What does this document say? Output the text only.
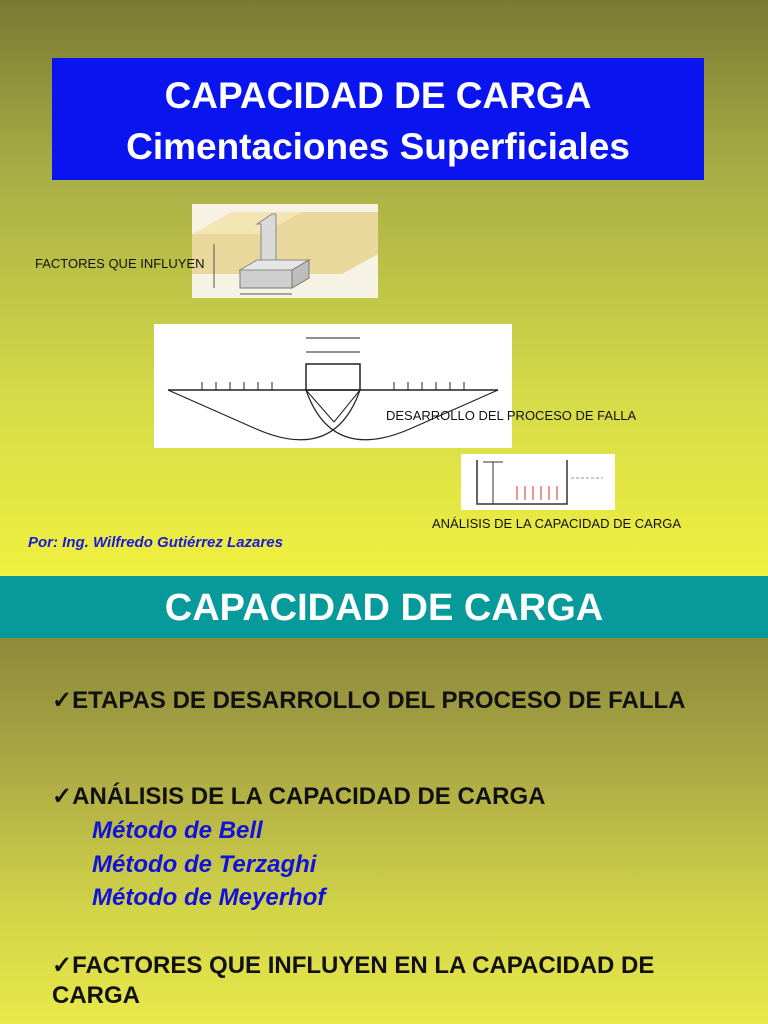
CAPACIDAD DE CARGA
Cimentaciones Superficiales
FACTORES QUE INFLUYEN
DESARROLLO DEL PROCESO DE FALLA
ANÁLISIS DE LA CAPACIDAD DE CARGA
Por: Ing. Wilfredo Gutiérrez Lazares
CAPACIDAD DE CARGA
✓ETAPAS DE DESARROLLO DEL PROCESO DE FALLA
✓ANÁLISIS DE LA CAPACIDAD DE CARGA
Método de Bell
Método de Terzaghi
Método de Meyerhof
✓FACTORES QUE INFLUYEN EN LA CAPACIDAD DE CARGA
